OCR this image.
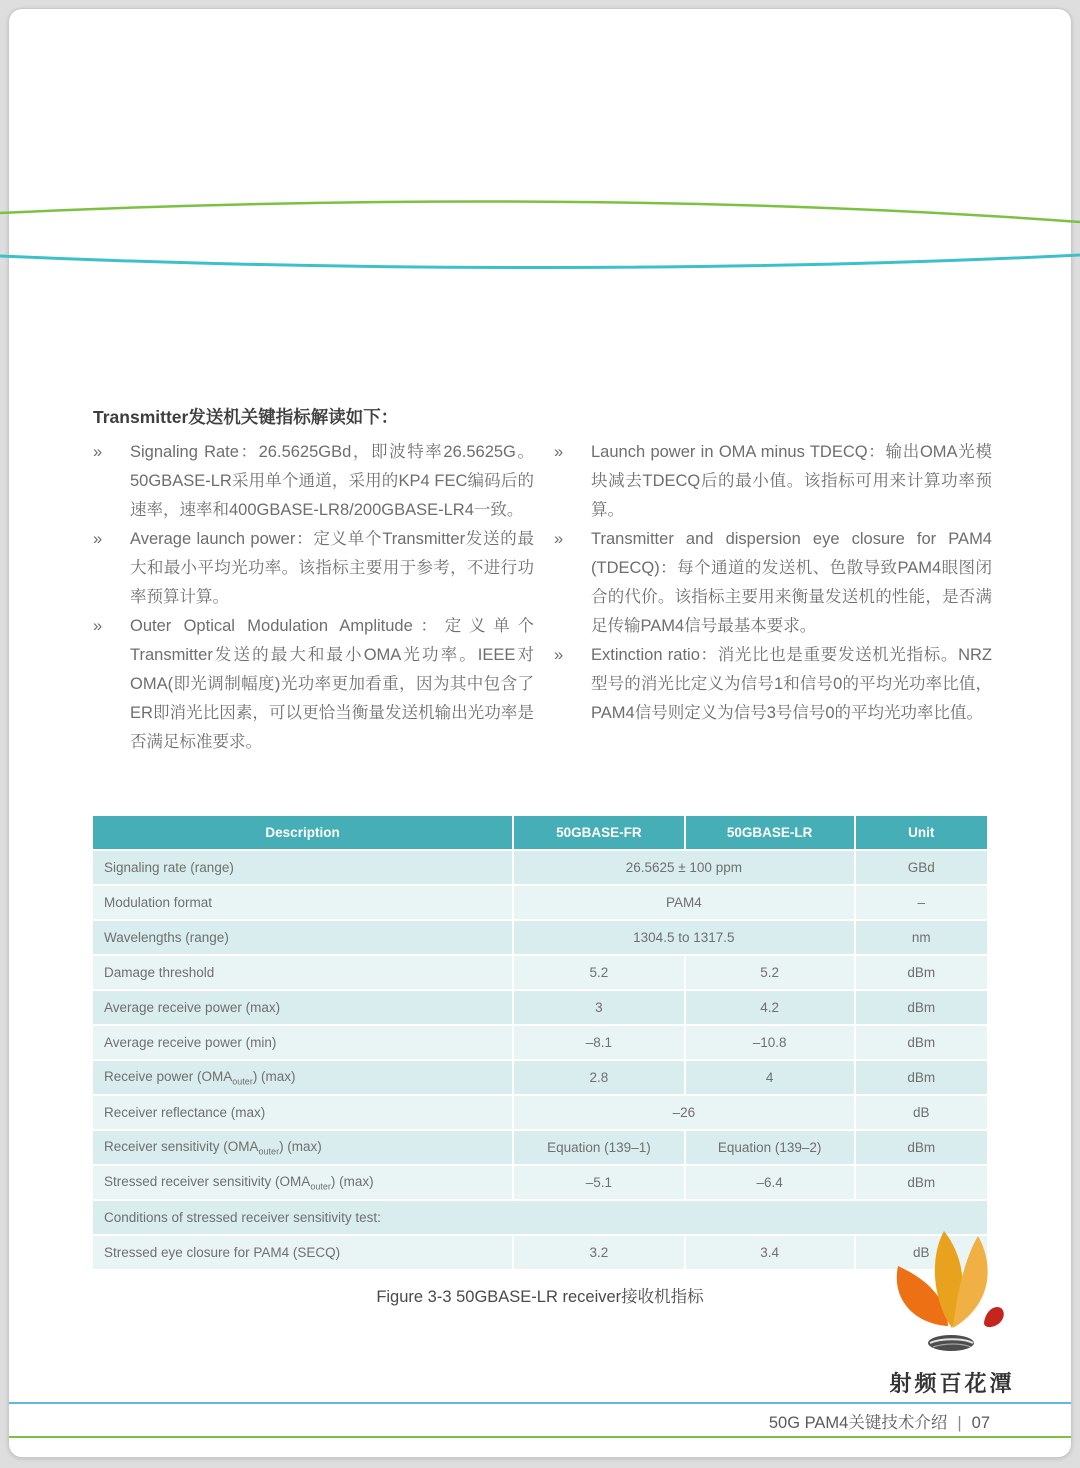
Transmitter发送机关键指标解读如下：
»	Signaling Rate：26.5625GBd，即波特率26.5625G。50GBASE-LR采用单个通道，采用的KP4 FEC编码后的速率，速率和400GBASE-LR8/200GBASE-LR4一致。
»	Average launch power：定义单个Transmitter发送的最大和最小平均光功率。该指标主要用于参考，不进行功率预算计算。
»	Outer Optical Modulation Amplitude：定义单个Transmitter发送的最大和最小OMA光功率。IEEE对OMA(即光调制幅度)光功率更加看重，因为其中包含了ER即消光比因素，可以更恰当衡量发送机输出光功率是否满足标准要求。
»	Launch power in OMA minus TDECQ：输出OMA光模块减去TDECQ后的最小值。该指标可用来计算功率预算。
»	Transmitter and dispersion eye closure for PAM4 (TDECQ)：每个通道的发送机、色散导致PAM4眼图闭合的代价。该指标主要用来衡量发送机的性能，是否满足传输PAM4信号最基本要求。
»	Extinction ratio：消光比也是重要发送机光指标。NRZ型号的消光比定义为信号1和信号0的平均光功率比值，PAM4信号则定义为信号3号信号0的平均光功率比值。
Description	50GBASE-FR	50GBASE-LR	Unit
Signaling rate (range)	26.5625 ± 100 ppm		GBd
Modulation format	PAM4		–
Wavelengths (range)	1304.5 to 1317.5		nm
Damage threshold	5.2	5.2	dBm
Average receive power (max)	3	4.2	dBm
Average receive power (min)	–8.1	–10.8	dBm
Receive power $(OMA_{outer})$ (max)	2.8	4	dBm
Receiver reflectance (max)	–26		dB
Receiver sensitivity $(OMA_{outer})$ (max)	Equation (139–1)	Equation (139–2)	dBm
Stressed receiver sensitivity $(OMA_{outer})$ (max)	–5.1	–6.4	dBm
Conditions of stressed receiver sensitivity test:			
Stressed eye closure for PAM4 (SECQ)	3.2	3.4	dB
Figure 3-3 50GBASE-LR receiver接收机指标
射频百花潭
50G PAM4关键技术介绍 | 07
